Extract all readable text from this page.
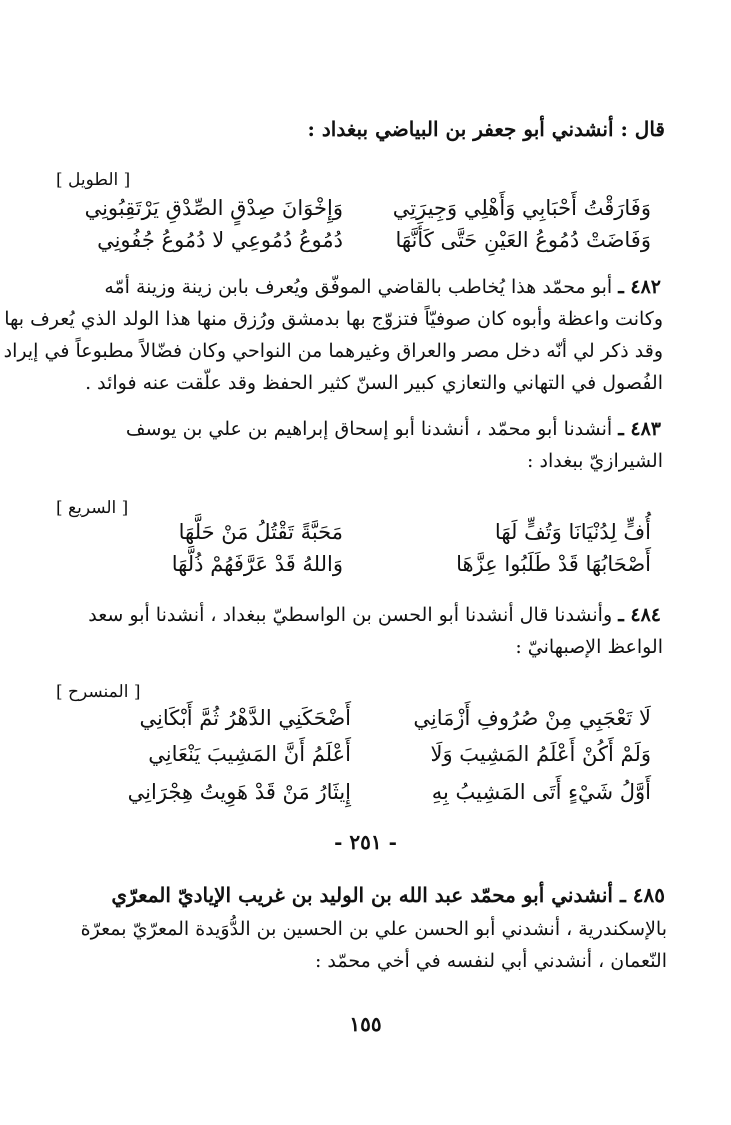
قال : أنشدني أبو جعفر بن البياضي ببغداد :
[ الطويل ]
وَفَارَقْتُ أَحْبَابِي وَأَهْلِي وَجِيرَتِي
وَإِخْوَانَ صِدْقٍ الصِّدْقِ يَرْتَقِبُونِي
وَفَاضَتْ دُمُوعُ العَيْنِ حَتَّى كَأَنَّهَا
دُمُوعُ دُمُوعِي لا دُمُوعُ جُفُونِي
٤٨٢ ـ أبو محمّد هذا يُخاطب بالقاضي الموفّق ويُعرف بابن زينة وزينة أمّه
وكانت واعظة وأبوه كان صوفيّاً فتزوّج بها بدمشق ورُزق منها هذا الولد الذي يُعرف بها
وقد ذكر لي أنّه دخل مصر والعراق وغيرهما من النواحي وكان فضّالاً مطبوعاً في إيراد
الفُصول في التهاني والتعازي كبير السنّ كثير الحفظ وقد علّقت عنه فوائد .
٤٨٣ ـ أنشدنا أبو محمّد ، أنشدنا أبو إسحاق إبراهيم بن علي بن يوسف
الشيرازيّ ببغداد :
[ السريع ]
أُفٍّ لِدُنْيَانَا وَتُفٍّ لَهَا
مَحَبَّةً تَقْتُلُ مَنْ حَلَّهَا
أَصْحَابُهَا قَدْ طَلَبُوا عِزَّهَا
وَاللهُ قَدْ عَرَّفَهُمْ ذُلَّهَا
٤٨٤ ـ وأنشدنا قال أنشدنا أبو الحسن بن الواسطيّ ببغداد ، أنشدنا أبو سعد
الواعظ الإصبهانيّ :
[ المنسرح ]
لَا تَعْجَبِي مِنْ صُرُوفِ أَزْمَانِي
أَضْحَكَنِي الدَّهْرُ ثُمَّ أَبْكَانِي
وَلَمْ أَكُنْ أَعْلَمُ المَشِيبَ وَلَا
أَعْلَمُ أَنَّ المَشِيبَ يَنْعَانِي
أَوَّلُ شَيْءٍ أَتَى المَشِيبُ بِهِ
إِيثَارُ مَنْ قَدْ هَوِيتُ هِجْرَانِي
- ٢٥١ -
٤٨٥ ـ أنشدني أبو محمّد عبد الله بن الوليد بن غريب الإياديّ المعرّي
بالإسكندرية ، أنشدني أبو الحسن علي بن الحسين بن الدُّوَيدة المعرّيّ بمعرّة
النّعمان ، أنشدني أبي لنفسه في أخي محمّد :
١٥٥
